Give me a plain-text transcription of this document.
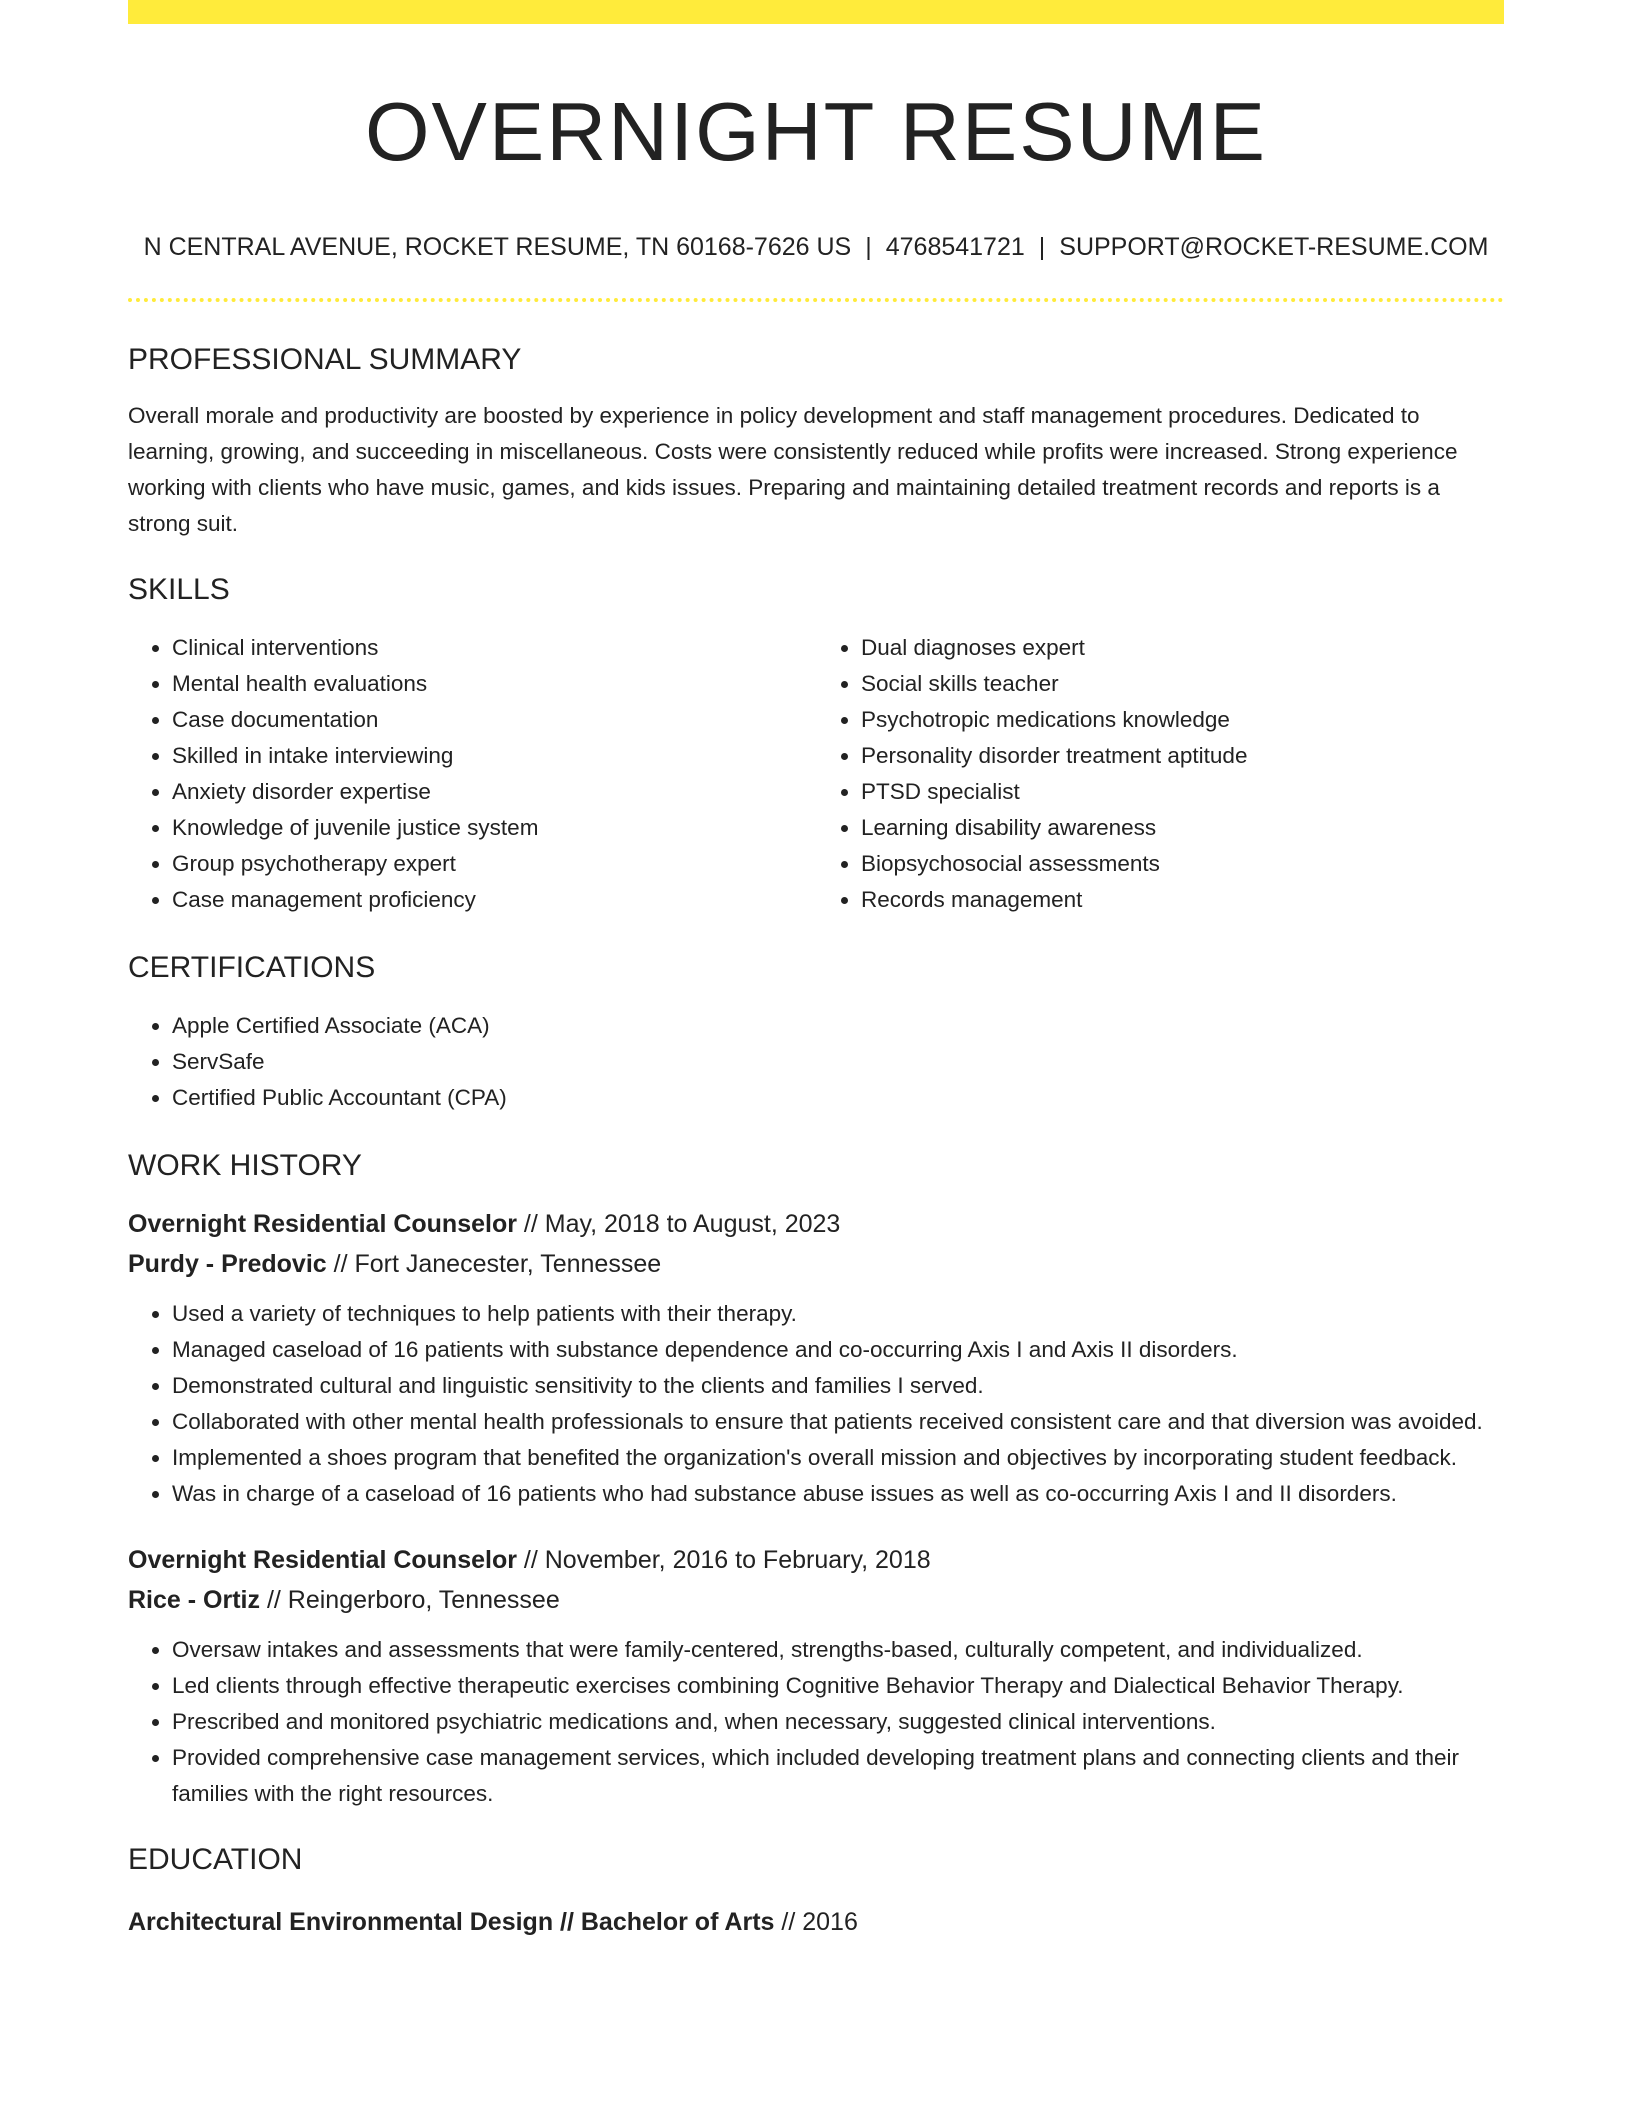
OVERNIGHT RESUME
N CENTRAL AVENUE, ROCKET RESUME, TN 60168-7626 US | 4768541721 | SUPPORT@ROCKET-RESUME.COM
PROFESSIONAL SUMMARY
Overall morale and productivity are boosted by experience in policy development and staff management procedures. Dedicated to learning, growing, and succeeding in miscellaneous. Costs were consistently reduced while profits were increased. Strong experience working with clients who have music, games, and kids issues. Preparing and maintaining detailed treatment records and reports is a strong suit.
SKILLS
• Clinical interventions
• Mental health evaluations
• Case documentation
• Skilled in intake interviewing
• Anxiety disorder expertise
• Knowledge of juvenile justice system
• Group psychotherapy expert
• Case management proficiency
• Dual diagnoses expert
• Social skills teacher
• Psychotropic medications knowledge
• Personality disorder treatment aptitude
• PTSD specialist
• Learning disability awareness
• Biopsychosocial assessments
• Records management
CERTIFICATIONS
• Apple Certified Associate (ACA)
• ServSafe
• Certified Public Accountant (CPA)
WORK HISTORY
Overnight Residential Counselor // May, 2018 to August, 2023
Purdy - Predovic // Fort Janecester, Tennessee
• Used a variety of techniques to help patients with their therapy.
• Managed caseload of 16 patients with substance dependence and co-occurring Axis I and Axis II disorders.
• Demonstrated cultural and linguistic sensitivity to the clients and families I served.
• Collaborated with other mental health professionals to ensure that patients received consistent care and that diversion was avoided.
• Implemented a shoes program that benefited the organization's overall mission and objectives by incorporating student feedback.
• Was in charge of a caseload of 16 patients who had substance abuse issues as well as co-occurring Axis I and II disorders.
Overnight Residential Counselor // November, 2016 to February, 2018
Rice - Ortiz // Reingerboro, Tennessee
• Oversaw intakes and assessments that were family-centered, strengths-based, culturally competent, and individualized.
• Led clients through effective therapeutic exercises combining Cognitive Behavior Therapy and Dialectical Behavior Therapy.
• Prescribed and monitored psychiatric medications and, when necessary, suggested clinical interventions.
• Provided comprehensive case management services, which included developing treatment plans and connecting clients and their families with the right resources.
EDUCATION
Architectural Environmental Design // Bachelor of Arts // 2016
